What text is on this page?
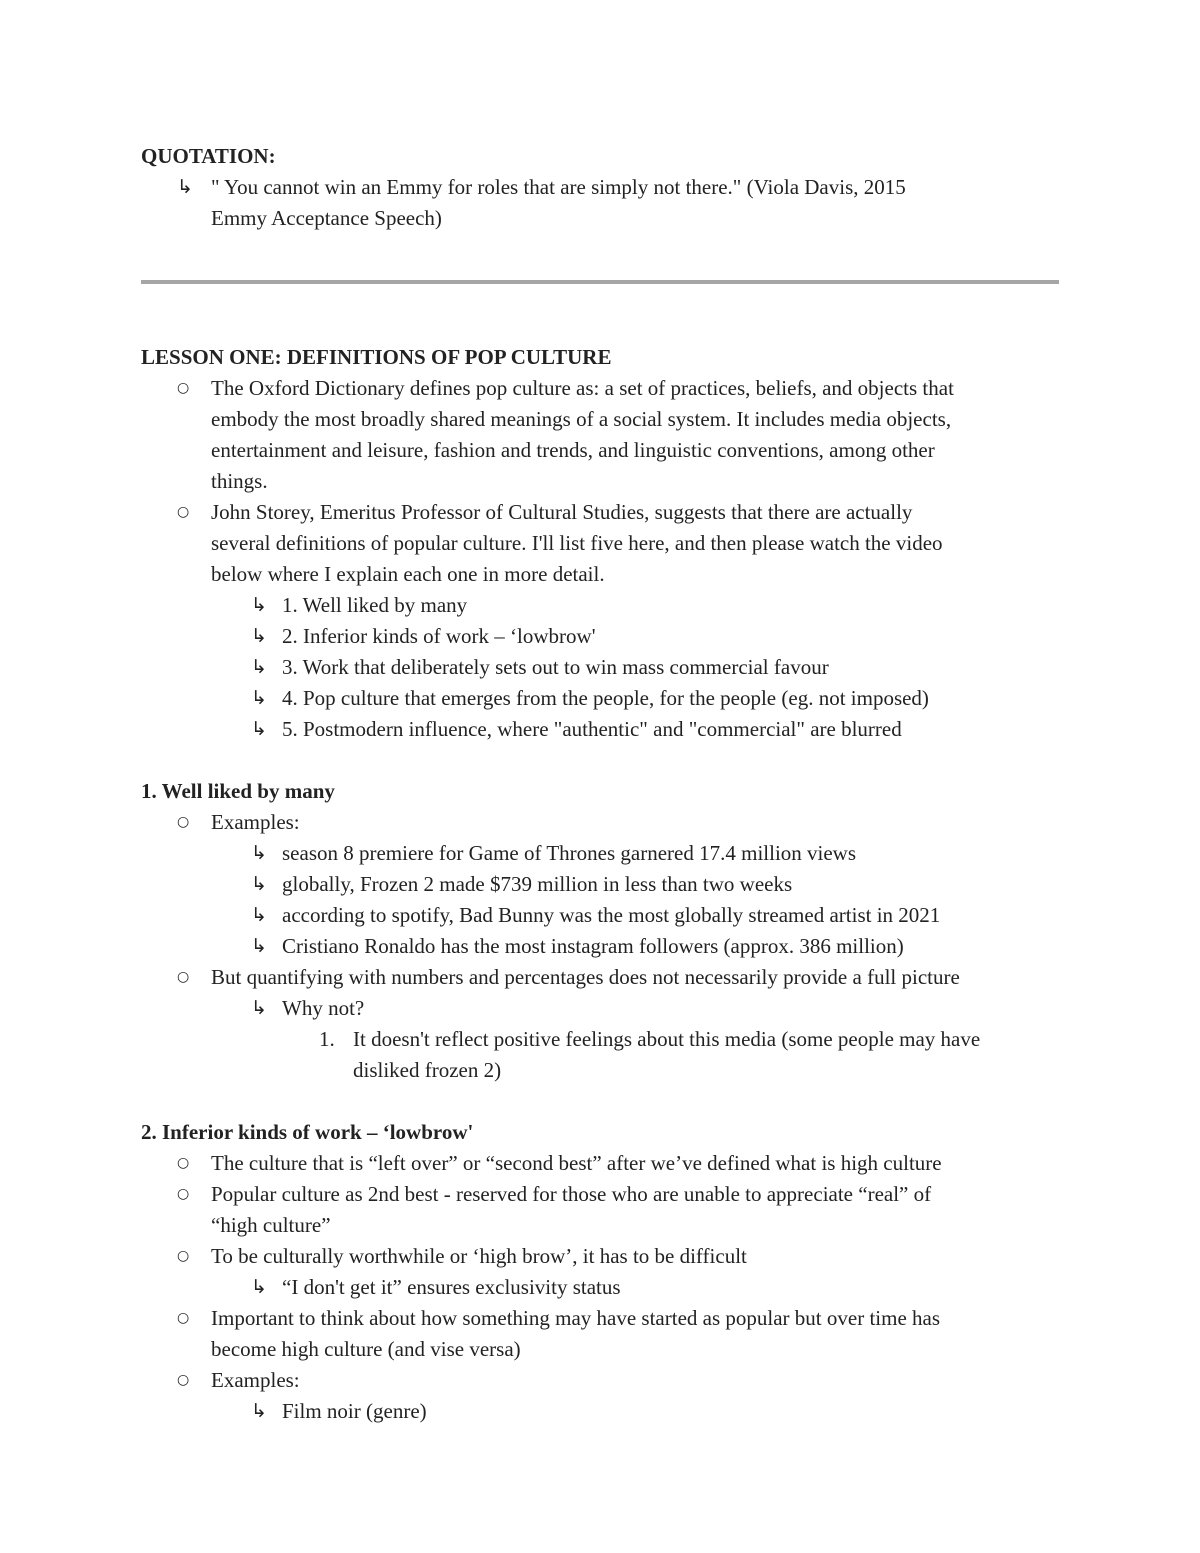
QUOTATION:

↳ " You cannot win an Emmy for roles that are simply not there." (Viola Davis, 2015
Emmy Acceptance Speech)

LESSON ONE: DEFINITIONS OF POP CULTURE

○ The Oxford Dictionary defines pop culture as: a set of practices, beliefs, and objects that
embody the most broadly shared meanings of a social system. It includes media objects,
entertainment and leisure, fashion and trends, and linguistic conventions, among other
things.
○ John Storey, Emeritus Professor of Cultural Studies, suggests that there are actually
several definitions of popular culture. I'll list five here, and then please watch the video
below where I explain each one in more detail.
↳ 1. Well liked by many
↳ 2. Inferior kinds of work – ‘lowbrow'
↳ 3. Work that deliberately sets out to win mass commercial favour
↳ 4. Pop culture that emerges from the people, for the people (eg. not imposed)
↳ 5. Postmodern influence, where "authentic" and "commercial" are blurred

1. Well liked by many

○ Examples:
↳ season 8 premiere for Game of Thrones garnered 17.4 million views
↳ globally, Frozen 2 made $739 million in less than two weeks
↳ according to spotify, Bad Bunny was the most globally streamed artist in 2021
↳ Cristiano Ronaldo has the most instagram followers (approx. 386 million)
○ But quantifying with numbers and percentages does not necessarily provide a full picture
↳ Why not?
1. It doesn't reflect positive feelings about this media (some people may have
disliked frozen 2)

2. Inferior kinds of work – ‘lowbrow'

○ The culture that is “left over” or “second best” after we’ve defined what is high culture
○ Popular culture as 2nd best - reserved for those who are unable to appreciate “real” of
“high culture”
○ To be culturally worthwhile or ‘high brow’, it has to be difficult
↳ “I don't get it” ensures exclusivity status
○ Important to think about how something may have started as popular but over time has
become high culture (and vise versa)
○ Examples:
↳ Film noir (genre)
